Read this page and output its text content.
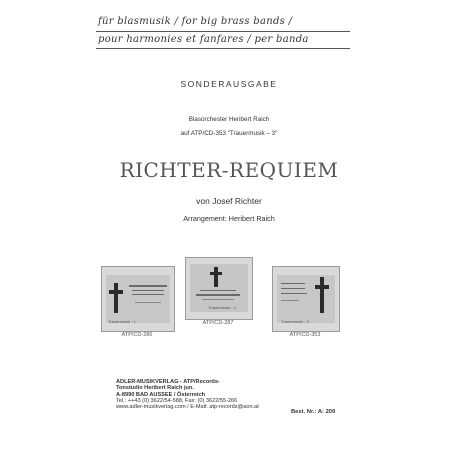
für blasmusik / for big brass bands /
pour harmonies et fanfares / per banda
SONDERAUSGABE
Blasorchester Heribert Raich
auf ATP/CD-353 "Trauermusik – 3"
RICHTER-REQUIEM
von Josef Richter
Arrangement: Heribert Raich
Trauermusik - 1
ATP/CD-286
Trauermusik - 2
ATP/CD-287	Trauermusik - 3
ATP/CD-353
ADLER-MUSIKVERLAG - ATP/Records-
Tonstudio Heribert Raich jun.
A-8990 BAD AUSSEE / Österreich
Tel.: ++43 (0) 3622/54-588, Fax: (0) 3622/55-266
www.adler-musikverlag.com / E-Mail: atp-records@aon.at
Best. Nr.: A: 209
